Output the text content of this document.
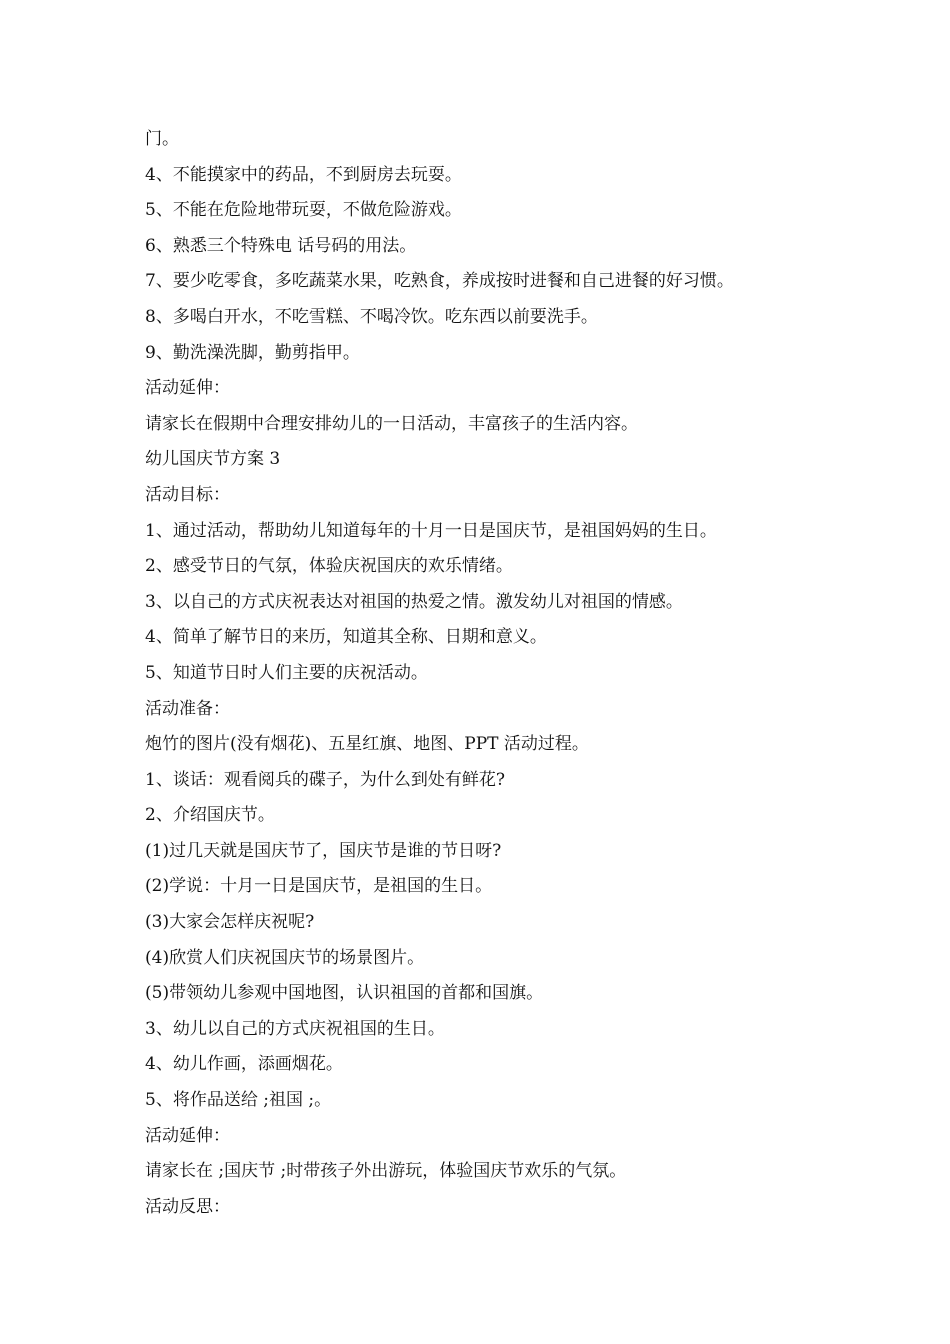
门。
4、不能摸家中的药品，不到厨房去玩耍。
5、不能在危险地带玩耍，不做危险游戏。
6、熟悉三个特殊电 话号码的用法。
7、要少吃零食，多吃蔬菜水果，吃熟食，养成按时进餐和自己进餐的好习惯。
8、多喝白开水，不吃雪糕、不喝冷饮。吃东西以前要洗手。
9、勤洗澡洗脚，勤剪指甲。
活动延伸：
请家长在假期中合理安排幼儿的一日活动，丰富孩子的生活内容。
幼儿国庆节方案 3
活动目标：
1、通过活动，帮助幼儿知道每年的十月一日是国庆节，是祖国妈妈的生日。
2、感受节日的气氛，体验庆祝国庆的欢乐情绪。
3、以自己的方式庆祝表达对祖国的热爱之情。激发幼儿对祖国的情感。
4、简单了解节日的来历，知道其全称、日期和意义。
5、知道节日时人们主要的庆祝活动。
活动准备：
炮竹的图片(没有烟花)、五星红旗、地图、PPT 活动过程。
1、谈话：观看阅兵的碟子，为什么到处有鲜花?
2、介绍国庆节。
(1)过几天就是国庆节了，国庆节是谁的节日呀?
(2)学说：十月一日是国庆节，是祖国的生日。
(3)大家会怎样庆祝呢?
(4)欣赏人们庆祝国庆节的场景图片。
(5)带领幼儿参观中国地图，认识祖国的首都和国旗。
3、幼儿以自己的方式庆祝祖国的生日。
4、幼儿作画，添画烟花。
5、将作品送给 ;祖国 ;。
活动延伸：
请家长在 ;国庆节 ;时带孩子外出游玩，体验国庆节欢乐的气氛。
活动反思：
